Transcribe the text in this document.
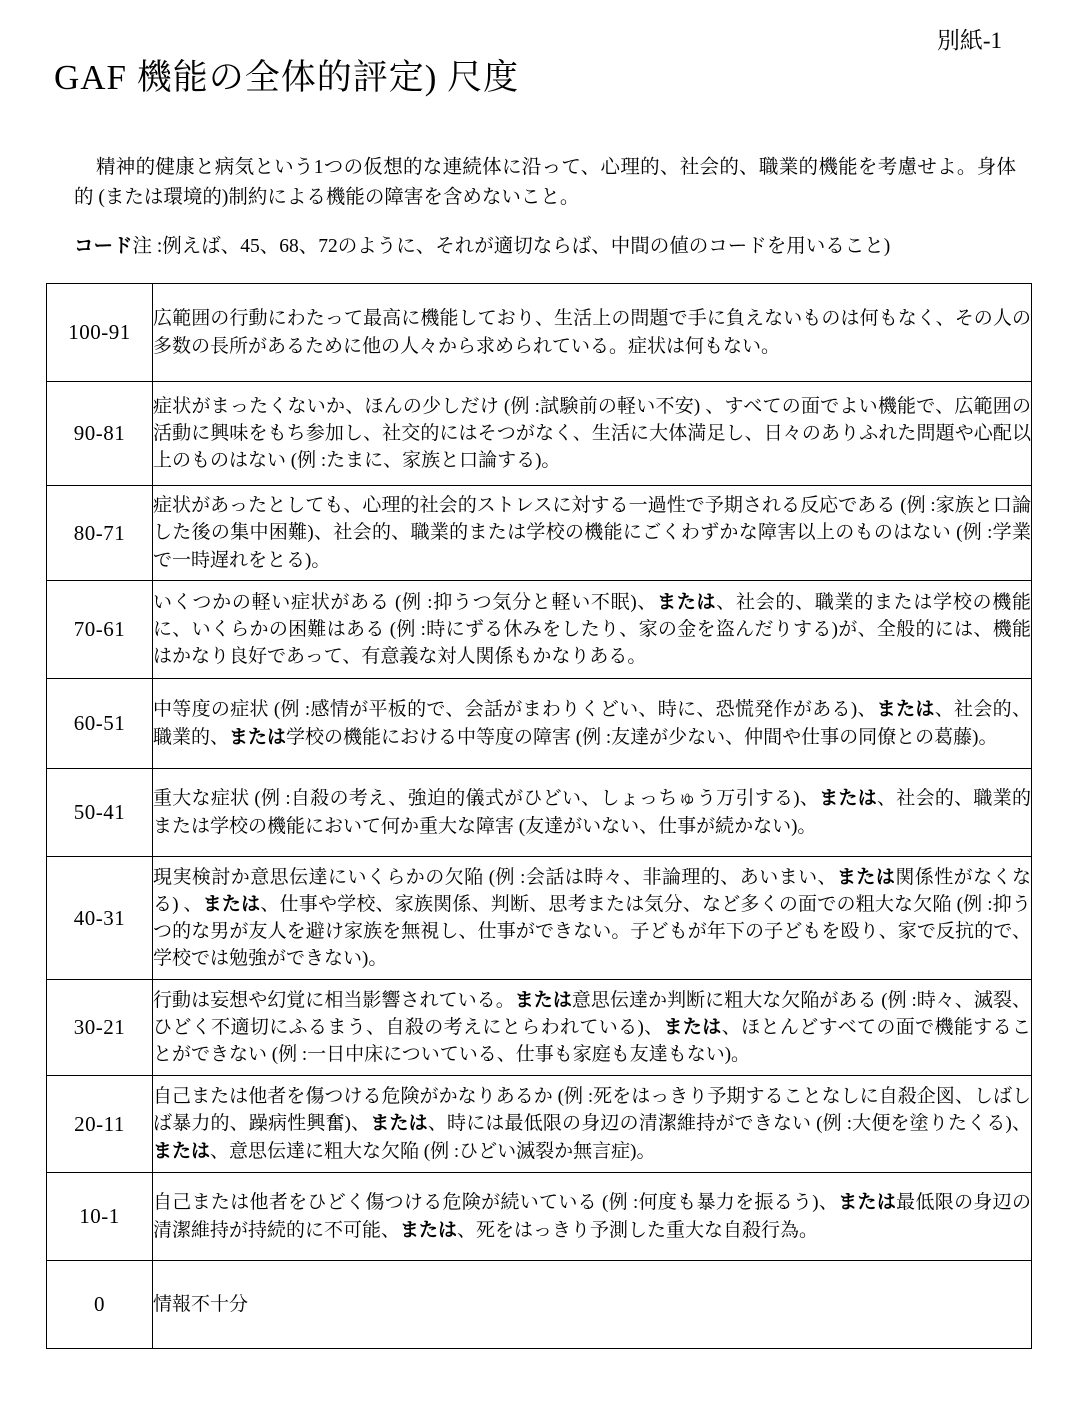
別紙-1
GAF 機能の全体的評定) 尺度
精神的健康と病気という1つの仮想的な連続体に沿って、心理的、社会的、職業的機能を考慮せよ。身体的 (または環境的)制約による機能の障害を含めないこと。
コード注 :例えば、45、68、72のように、それが適切ならば、中間の値のコードを用いること)
100-91	広範囲の行動にわたって最高に機能しており、生活上の問題で手に負えないものは何もなく、その人の多数の長所があるために他の人々から求められている。症状は何もない。
90-81	症状がまったくないか、ほんの少しだけ (例 :試験前の軽い不安) 、すべての面でよい機能で、広範囲の活動に興味をもち参加し、社交的にはそつがなく、生活に大体満足し、日々のありふれた問題や心配以上のものはない (例 :たまに、家族と口論する)。
80-71	症状があったとしても、心理的社会的ストレスに対する一過性で予期される反応である (例 :家族と口論した後の集中困難)、社会的、職業的または学校の機能にごくわずかな障害以上のものはない (例 :学業で一時遅れをとる)。
70-61	いくつかの軽い症状がある (例 :抑うつ気分と軽い不眠)、または、社会的、職業的または学校の機能に、いくらかの困難はある (例 :時にずる休みをしたり、家の金を盗んだりする)が、全般的には、機能はかなり良好であって、有意義な対人関係もかなりある。
60-51	中等度の症状 (例 :感情が平板的で、会話がまわりくどい、時に、恐慌発作がある)、または、社会的、職業的、または学校の機能における中等度の障害 (例 :友達が少ない、仲間や仕事の同僚との葛藤)。
50-41	重大な症状 (例 :自殺の考え、強迫的儀式がひどい、しょっちゅう万引する)、または、社会的、職業的または学校の機能において何か重大な障害 (友達がいない、仕事が続かない)。
40-31	現実検討か意思伝達にいくらかの欠陥 (例 :会話は時々、非論理的、あいまい、または関係性がなくなる) 、または、仕事や学校、家族関係、判断、思考または気分、など多くの面での粗大な欠陥 (例 :抑うつ的な男が友人を避け家族を無視し、仕事ができない。子どもが年下の子どもを殴り、家で反抗的で、学校では勉強ができない)。
30-21	行動は妄想や幻覚に相当影響されている。または意思伝達か判断に粗大な欠陥がある (例 :時々、滅裂、ひどく不適切にふるまう、自殺の考えにとらわれている)、または、ほとんどすべての面で機能することができない (例 :一日中床についている、仕事も家庭も友達もない)。
20-11	自己または他者を傷つける危険がかなりあるか (例 :死をはっきり予期することなしに自殺企図、しばしば暴力的、躁病性興奮)、または、時には最低限の身辺の清潔維持ができない (例 :大便を塗りたくる)、または、意思伝達に粗大な欠陥 (例 :ひどい滅裂か無言症)。
10-1	自己または他者をひどく傷つける危険が続いている (例 :何度も暴力を振るう)、または最低限の身辺の清潔維持が持続的に不可能、または、死をはっきり予測した重大な自殺行為。
0	情報不十分
